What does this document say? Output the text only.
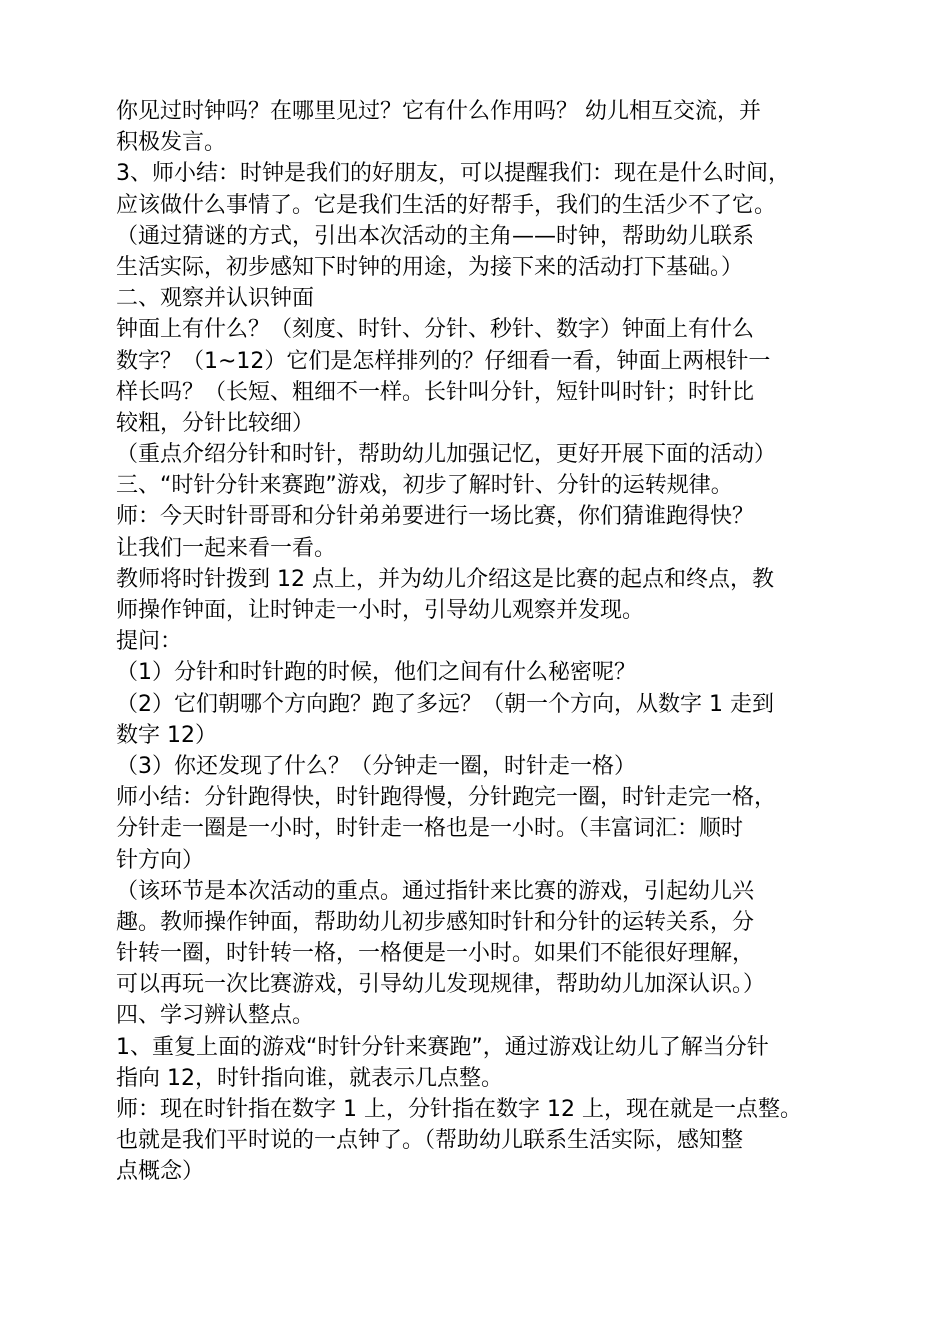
你见过时钟吗？在哪里见过？它有什么作用吗？ 幼儿相互交流，并

积极发言。

3、师小结：时钟是我们的好朋友，可以提醒我们：现在是什么时间，

应该做什么事情了。它是我们生活的好帮手，我们的生活少不了它。

（通过猜谜的方式，引出本次活动的主角——时钟，帮助幼儿联系

生活实际，初步感知下时钟的用途，为接下来的活动打下基础。）

二、观察并认识钟面

钟面上有什么？（刻度、时针、分针、秒针、数字）钟面上有什么

数字？（1~12）它们是怎样排列的？仔细看一看，钟面上两根针一

样长吗？（长短、粗细不一样。长针叫分针，短针叫时针；时针比

较粗，分针比较细）

（重点介绍分针和时针，帮助幼儿加强记忆，更好开展下面的活动）

三、“时针分针来赛跑”游戏，初步了解时针、分针的运转规律。

师：今天时针哥哥和分针弟弟要进行一场比赛，你们猜谁跑得快？

让我们一起来看一看。

教师将时针拨到 12 点上，并为幼儿介绍这是比赛的起点和终点，教

师操作钟面，让时钟走一小时，引导幼儿观察并发现。

提问：

（1）分针和时针跑的时候，他们之间有什么秘密呢？

（2）它们朝哪个方向跑？跑了多远？（朝一个方向，从数字 1 走到

数字 12）

（3）你还发现了什么？（分钟走一圈，时针走一格）

师小结：分针跑得快，时针跑得慢，分针跑完一圈，时针走完一格，

分针走一圈是一小时，时针走一格也是一小时。（丰富词汇：顺时

针方向）

（该环节是本次活动的重点。通过指针来比赛的游戏，引起幼儿兴

趣。教师操作钟面，帮助幼儿初步感知时针和分针的运转关系，分

针转一圈，时针转一格，一格便是一小时。如果们不能很好理解，

可以再玩一次比赛游戏，引导幼儿发现规律，帮助幼儿加深认识。）

四、学习辨认整点。

1、重复上面的游戏“时针分针来赛跑”，通过游戏让幼儿了解当分针

指向 12，时针指向谁，就表示几点整。

师：现在时针指在数字 1 上，分针指在数字 12 上，现在就是一点整。

也就是我们平时说的一点钟了。（帮助幼儿联系生活实际，感知整

点概念）
